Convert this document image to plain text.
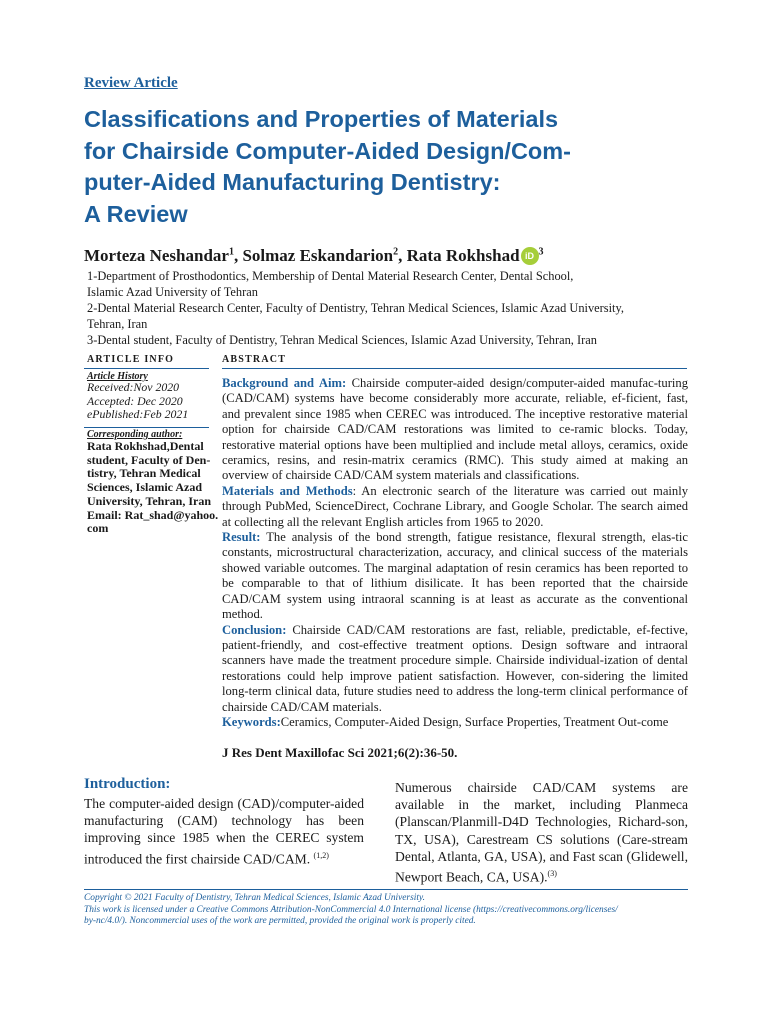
Review Article
Classifications and Properties of Materials
for Chairside Computer-Aided Design/Com-
puter-Aided Manufacturing Dentistry:
A Review
Morteza Neshandar$^1$, Solmaz Eskandarion$^2$, Rata Rokhshad iD $^3$
1-Department of Prosthodontics, Membership of Dental Material Research Center, Dental School,
Islamic Azad University of Tehran
2-Dental Material Research Center, Faculty of Dentistry, Tehran Medical Sciences, Islamic Azad University,
Tehran, Iran
3-Dental student, Faculty of Dentistry, Tehran Medical Sciences, Islamic Azad University, Tehran, Iran
ARTICLE INFO	ABSTRACT
Article History
Received:Nov 2020
Accepted: Dec 2020
ePublished:Feb 2021
Corresponding author:
Rata Rokhshad,Dental
student, Faculty of Den-
tistry, Tehran Medical
Sciences, Islamic Azad
University, Tehran, Iran
Email: Rat_shad@yahoo.
com
Background and Aim: Chairside computer-aided design/computer-aided manufac-turing (CAD/CAM) systems have become considerably more accurate, reliable, ef-ficient, fast, and prevalent since 1985 when CEREC was introduced. The inceptive restorative material option for chairside CAD/CAM restorations was limited to ce-ramic blocks. Today, restorative material options have been multiplied and include metal alloys, ceramics, oxide ceramics, resins, and resin-matrix ceramics (RMC). This study aimed at making an overview of chairside CAD/CAM system materials and classifications.
Materials and Methods: An electronic search of the literature was carried out mainly through PubMed, ScienceDirect, Cochrane Library, and Google Scholar. The search aimed at collecting all the relevant English articles from 1965 to 2020.
Result: The analysis of the bond strength, fatigue resistance, flexural strength, elas-tic constants, microstructural characterization, accuracy, and clinical success of the materials showed variable outcomes. The marginal adaptation of resin ceramics has been reported to be comparable to that of lithium disilicate. It has been reported that the chairside CAD/CAM system using intraoral scanning is at least as accurate as the conventional method.
Conclusion: Chairside CAD/CAM restorations are fast, reliable, predictable, ef-fective, patient-friendly, and cost-effective treatment options. Design software and intraoral scanners have made the treatment procedure simple. Chairside individual-ization of dental restorations could help improve patient satisfaction. However, con-sidering the limited long-term clinical data, future studies need to address the long-term clinical performance of chairside CAD/CAM materials.
Keywords:Ceramics, Computer-Aided Design, Surface Properties, Treatment Out-come
J Res Dent Maxillofac Sci 2021;6(2):36-50.
Introduction:
The computer-aided design (CAD)/computer-aided manufacturing (CAM) technology has been improving since 1985 when the CEREC system introduced the first chairside CAD/CAM. $^{(1,2)}$
Numerous chairside CAD/CAM systems are available in the market, including Planmeca (Planscan/Planmill-D4D Technologies, Richard-son, TX, USA), Carestream CS solutions (Care-stream Dental, Atlanta, GA, USA), and Fast scan (Glidewell, Newport Beach, CA, USA).$^{(3)}$
Copyright © 2021 Faculty of Dentistry, Tehran Medical Sciences, Islamic Azad University.
This work is licensed under a Creative Commons Attribution-NonCommercial 4.0 International license (https://creativecommons.org/licenses/
by-nc/4.0/). Noncommercial uses of the work are permitted, provided the original work is properly cited.
